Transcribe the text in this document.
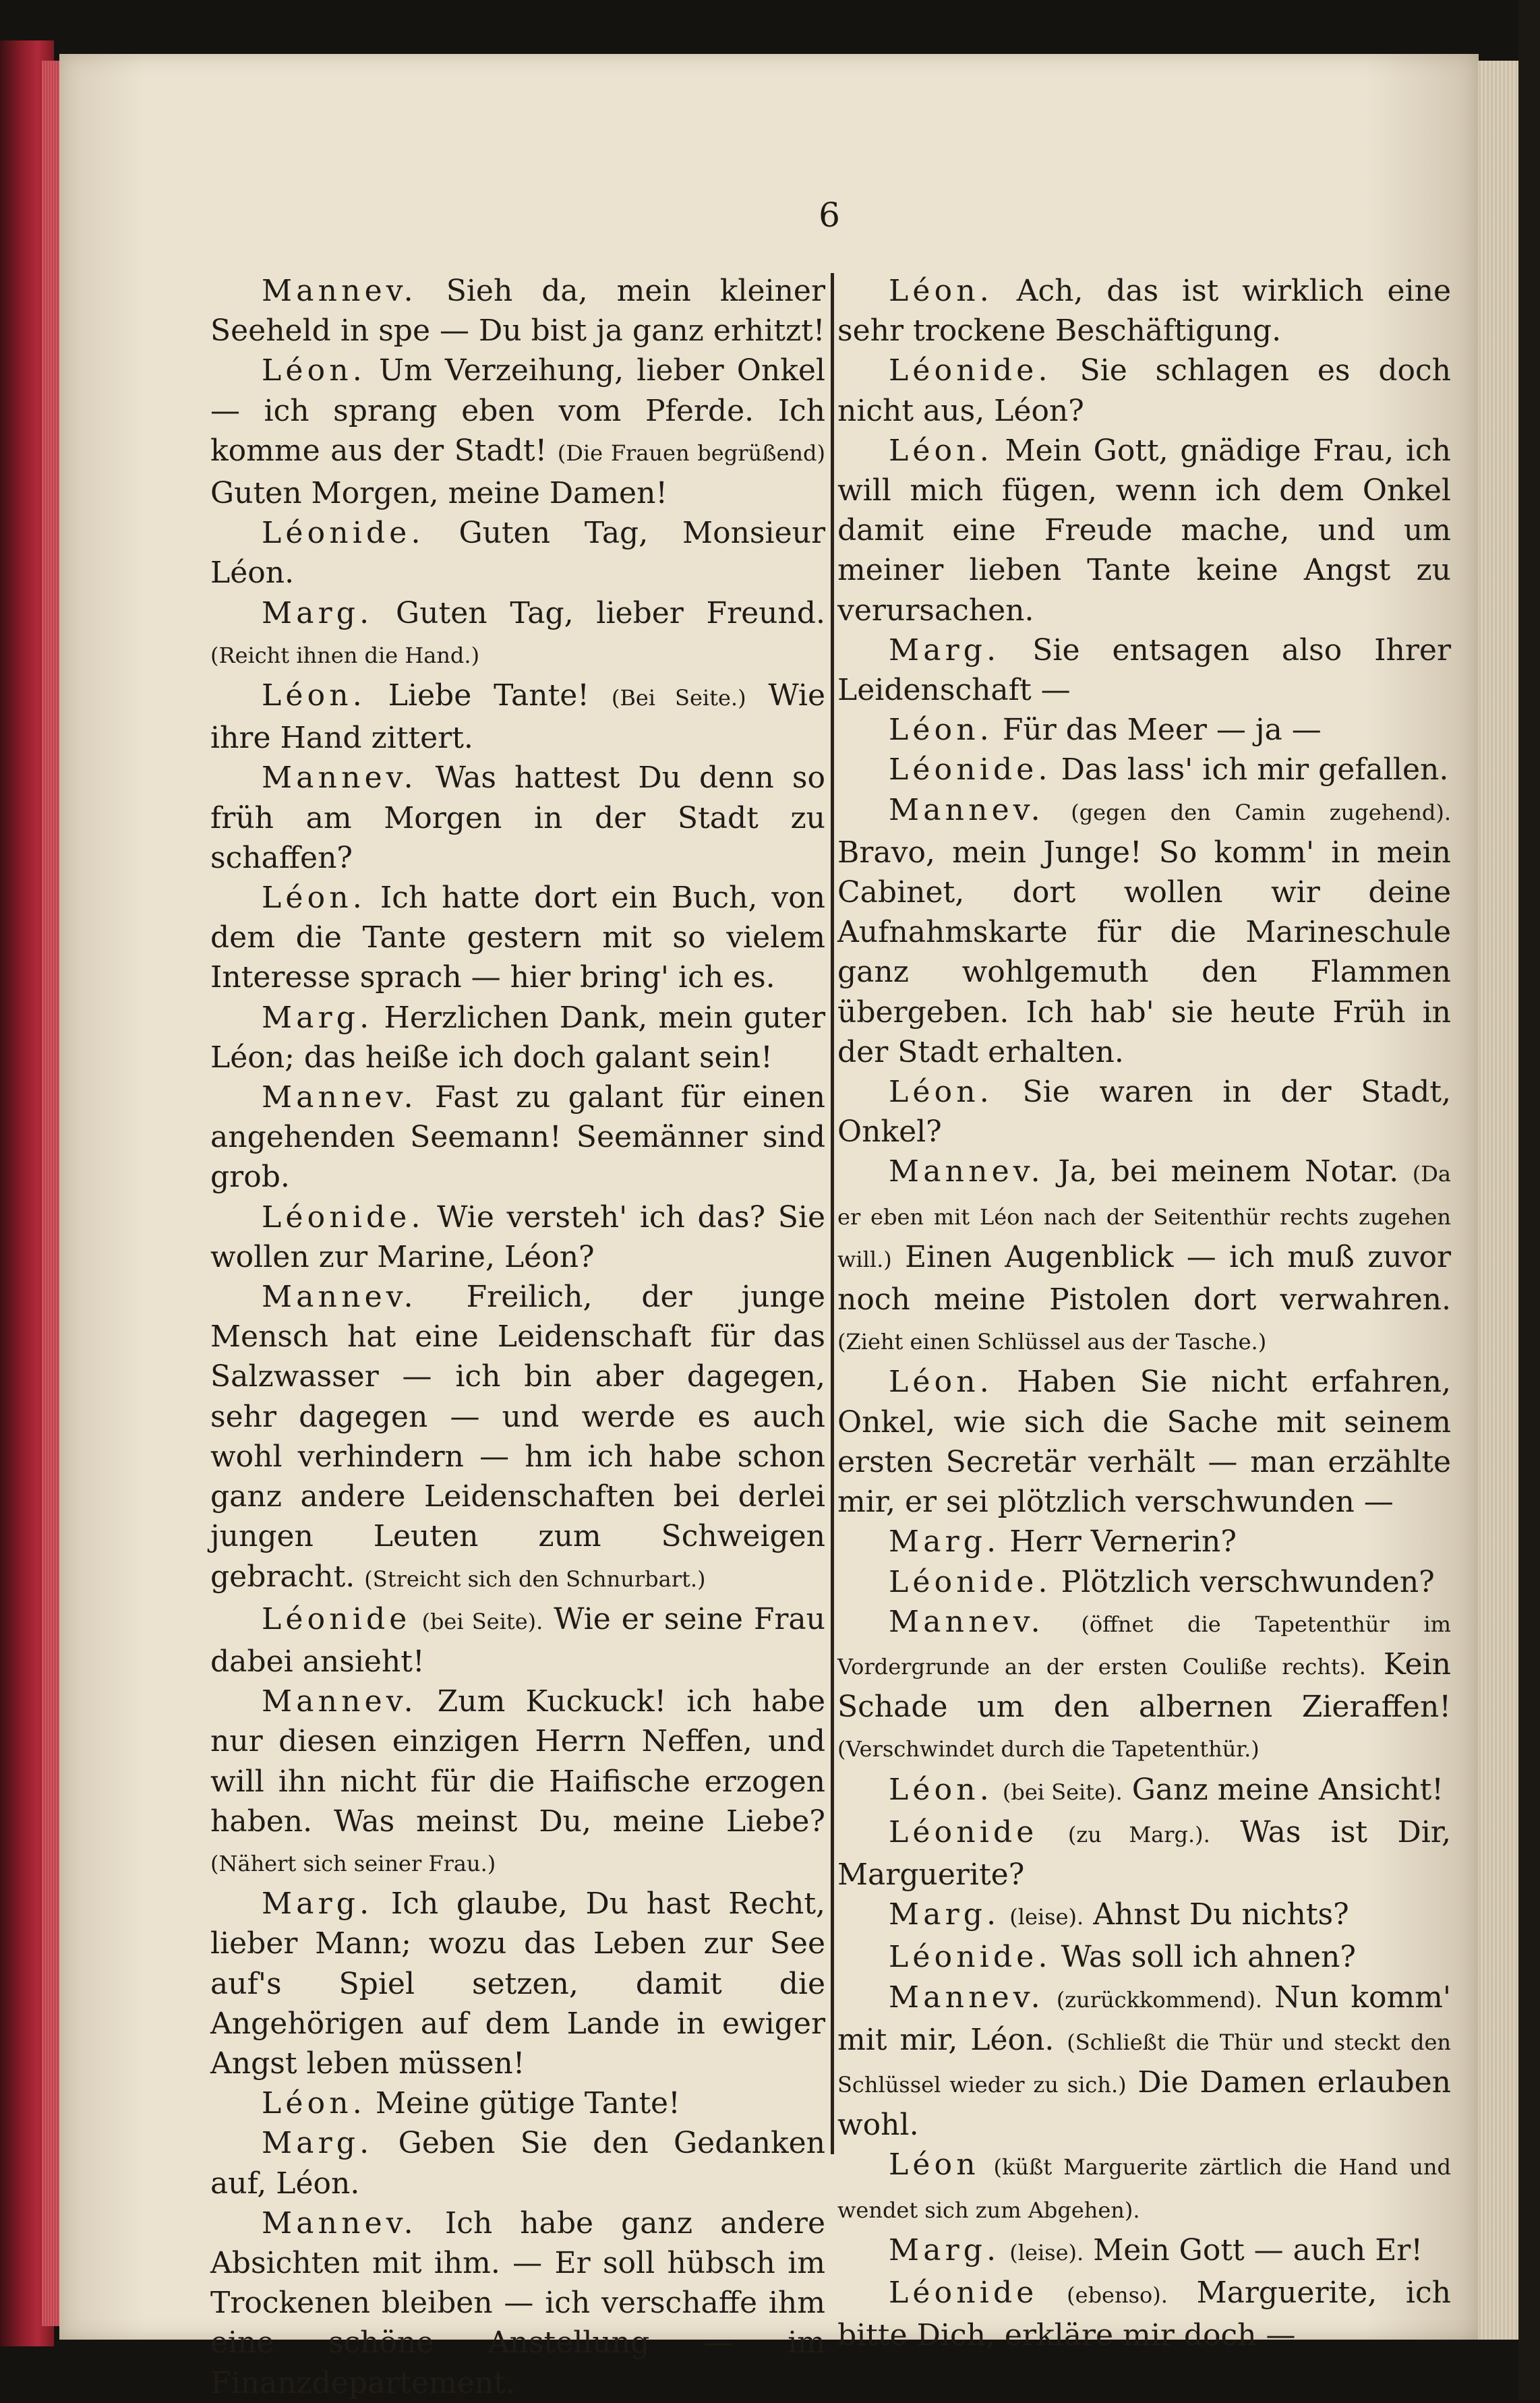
6

Mannev. Sieh da, mein kleiner Seeheld in spe — Du bist ja ganz erhitzt!

Léon. Um Verzeihung, lieber Onkel — ich sprang eben vom Pferde. Ich komme aus der Stadt! (Die Frauen begrüßend) Guten Morgen, meine Damen!

Léonide. Guten Tag, Monsieur Léon.

Marg. Guten Tag, lieber Freund. (Reicht ihnen die Hand.)

Léon. Liebe Tante! (Bei Seite.) Wie ihre Hand zittert.

Mannev. Was hattest Du denn so früh am Morgen in der Stadt zu schaffen?

Léon. Ich hatte dort ein Buch, von dem die Tante gestern mit so vielem Interesse sprach — hier bring' ich es.

Marg. Herzlichen Dank, mein guter Léon; das heiße ich doch galant sein!

Mannev. Fast zu galant für einen angehenden Seemann! Seemänner sind grob.

Léonide. Wie versteh' ich das? Sie wollen zur Marine, Léon?

Mannev. Freilich, der junge Mensch hat eine Leidenschaft für das Salzwasser — ich bin aber dagegen, sehr dagegen — und werde es auch wohl verhindern — hm ich habe schon ganz andere Leidenschaften bei derlei jungen Leuten zum Schweigen gebracht. (Streicht sich den Schnurbart.)

Léonide (bei Seite). Wie er seine Frau dabei ansieht!

Mannev. Zum Kuckuck! ich habe nur diesen einzigen Herrn Neffen, und will ihn nicht für die Haifische erzogen haben. Was meinst Du, meine Liebe? (Nähert sich seiner Frau.)

Marg. Ich glaube, Du hast Recht, lieber Mann; wozu das Leben zur See auf's Spiel setzen, damit die Angehörigen auf dem Lande in ewiger Angst leben müssen!

Léon. Meine gütige Tante!

Marg. Geben Sie den Gedanken auf, Léon.

Mannev. Ich habe ganz andere Absichten mit ihm. — Er soll hübsch im Trockenen bleiben — ich verschaffe ihm eine schöne Anstellung — im Finanzdepartement.

Léon. Ach, das ist wirklich eine sehr trockene Beschäftigung.

Léonide. Sie schlagen es doch nicht aus, Léon?

Léon. Mein Gott, gnädige Frau, ich will mich fügen, wenn ich dem Onkel damit eine Freude mache, und um meiner lieben Tante keine Angst zu verursachen.

Marg. Sie entsagen also Ihrer Leidenschaft —

Léon. Für das Meer — ja —

Léonide. Das lass' ich mir gefallen.

Mannev. (gegen den Camin zugehend). Bravo, mein Junge! So komm' in mein Cabinet, dort wollen wir deine Aufnahmskarte für die Marineschule ganz wohlgemuth den Flammen übergeben. Ich hab' sie heute Früh in der Stadt erhalten.

Léon. Sie waren in der Stadt, Onkel?

Mannev. Ja, bei meinem Notar. (Da er eben mit Léon nach der Seitenthür rechts zugehen will.) Einen Augenblick — ich muß zuvor noch meine Pistolen dort verwahren. (Zieht einen Schlüssel aus der Tasche.)

Léon. Haben Sie nicht erfahren, Onkel, wie sich die Sache mit seinem ersten Secretär verhält — man erzählte mir, er sei plötzlich verschwunden —

Marg. Herr Vernerin?

Léonide. Plötzlich verschwunden?

Mannev. (öffnet die Tapetenthür im Vordergrunde an der ersten Couliße rechts). Kein Schade um den albernen Zieraffen! (Verschwindet durch die Tapetenthür.)

Léon. (bei Seite). Ganz meine Ansicht!

Léonide (zu Marg.). Was ist Dir, Marguerite?

Marg. (leise). Ahnst Du nichts?

Léonide. Was soll ich ahnen?

Mannev. (zurückkommend). Nun komm' mit mir, Léon. (Schließt die Thür und steckt den Schlüssel wieder zu sich.) Die Damen erlauben wohl.

Léon (küßt Marguerite zärtlich die Hand und wendet sich zum Abgehen).

Marg. (leise). Mein Gott — auch Er!

Léonide (ebenso). Marguerite, ich bitte Dich, erkläre mir doch —
